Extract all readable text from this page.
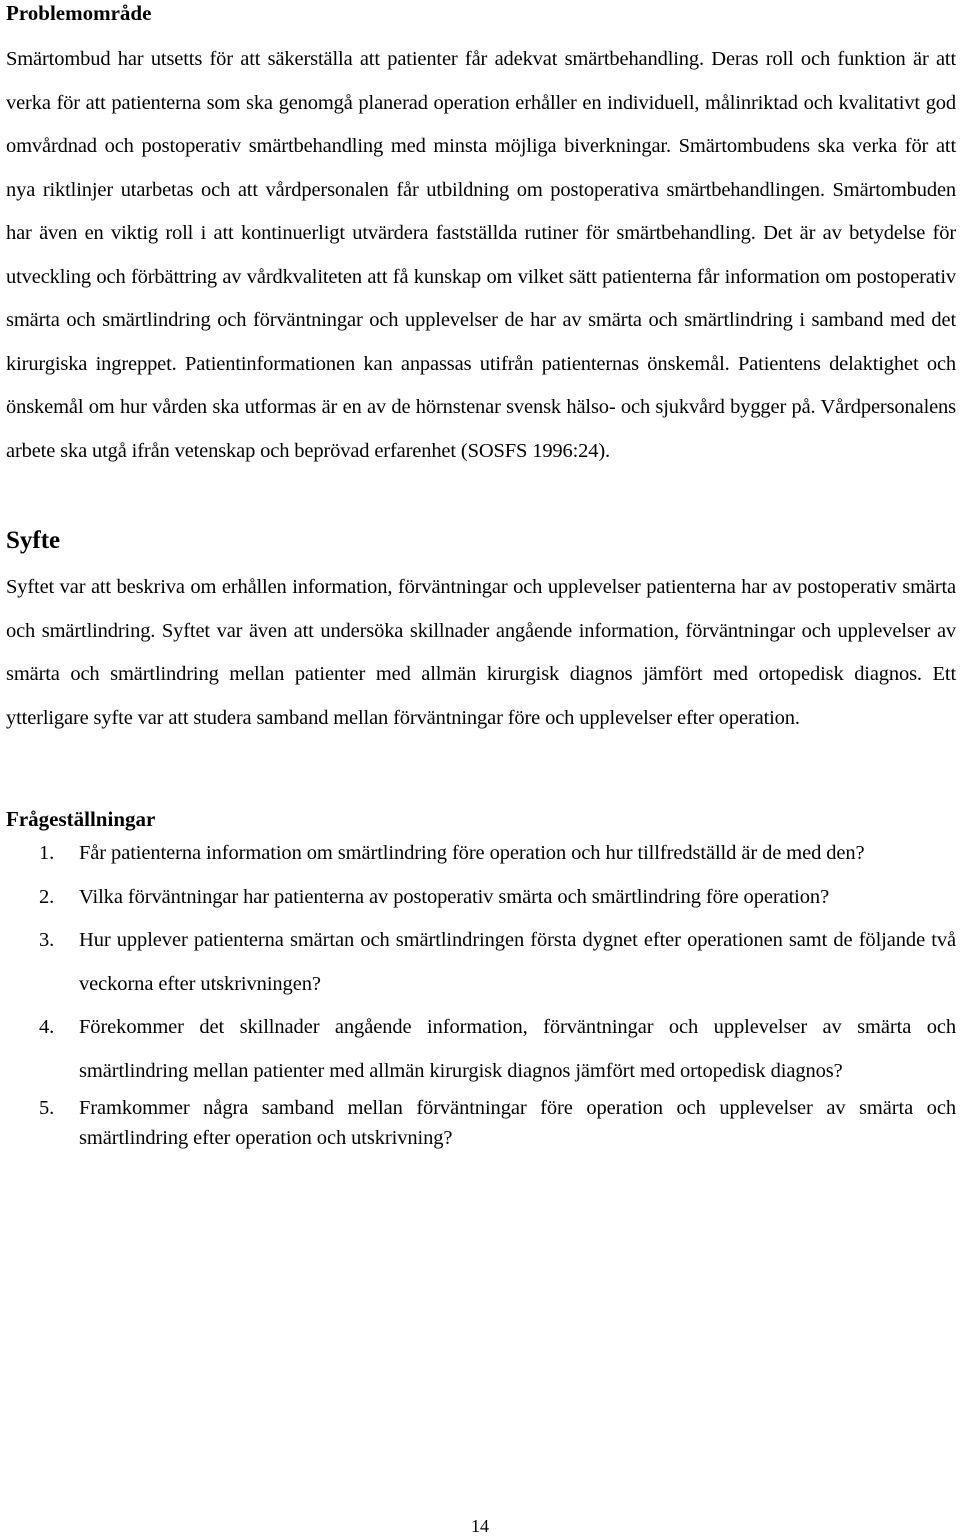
Problemområde

Smärtombud har utsetts för att säkerställa att patienter får adekvat smärtbehandling. Deras roll och funktion är att verka för att patienterna som ska genomgå planerad operation erhåller en individuell, målinriktad och kvalitativt god omvårdnad och postoperativ smärtbehandling med minsta möjliga biverkningar. Smärtombudens ska verka för att nya riktlinjer utarbetas och att vårdpersonalen får utbildning om postoperativa smärtbehandlingen. Smärtombuden har även en viktig roll i att kontinuerligt utvärdera fastställda rutiner för smärtbehandling. Det är av betydelse för utveckling och förbättring av vårdkvaliteten att få kunskap om vilket sätt patienterna får information om postoperativ smärta och smärtlindring och förväntningar och upplevelser de har av smärta och smärtlindring i samband med det kirurgiska ingreppet. Patientinformationen kan anpassas utifrån patienternas önskemål. Patientens delaktighet och önskemål om hur vården ska utformas är en av de hörnstenar svensk hälso- och sjukvård bygger på. Vårdpersonalens arbete ska utgå ifrån vetenskap och beprövad erfarenhet (SOSFS 1996:24).

Syfte

Syftet var att beskriva om erhållen information, förväntningar och upplevelser patienterna har av postoperativ smärta och smärtlindring. Syftet var även att undersöka skillnader angående information, förväntningar och upplevelser av smärta och smärtlindring mellan patienter med allmän kirurgisk diagnos jämfört med ortopedisk diagnos. Ett ytterligare syfte var att studera samband mellan förväntningar före och upplevelser efter operation.

Frågeställningar
1. Får patienterna information om smärtlindring före operation och hur tillfredställd är de med den?
2. Vilka förväntningar har patienterna av postoperativ smärta och smärtlindring före operation?
3. Hur upplever patienterna smärtan och smärtlindringen första dygnet efter operationen samt de följande två veckorna efter utskrivningen?
4. Förekommer det skillnader angående information, förväntningar och upplevelser av smärta och smärtlindring mellan patienter med allmän kirurgisk diagnos jämfört med ortopedisk diagnos?
5. Framkommer några samband mellan förväntningar före operation och upplevelser av smärta och smärtlindring efter operation och utskrivning?
14
